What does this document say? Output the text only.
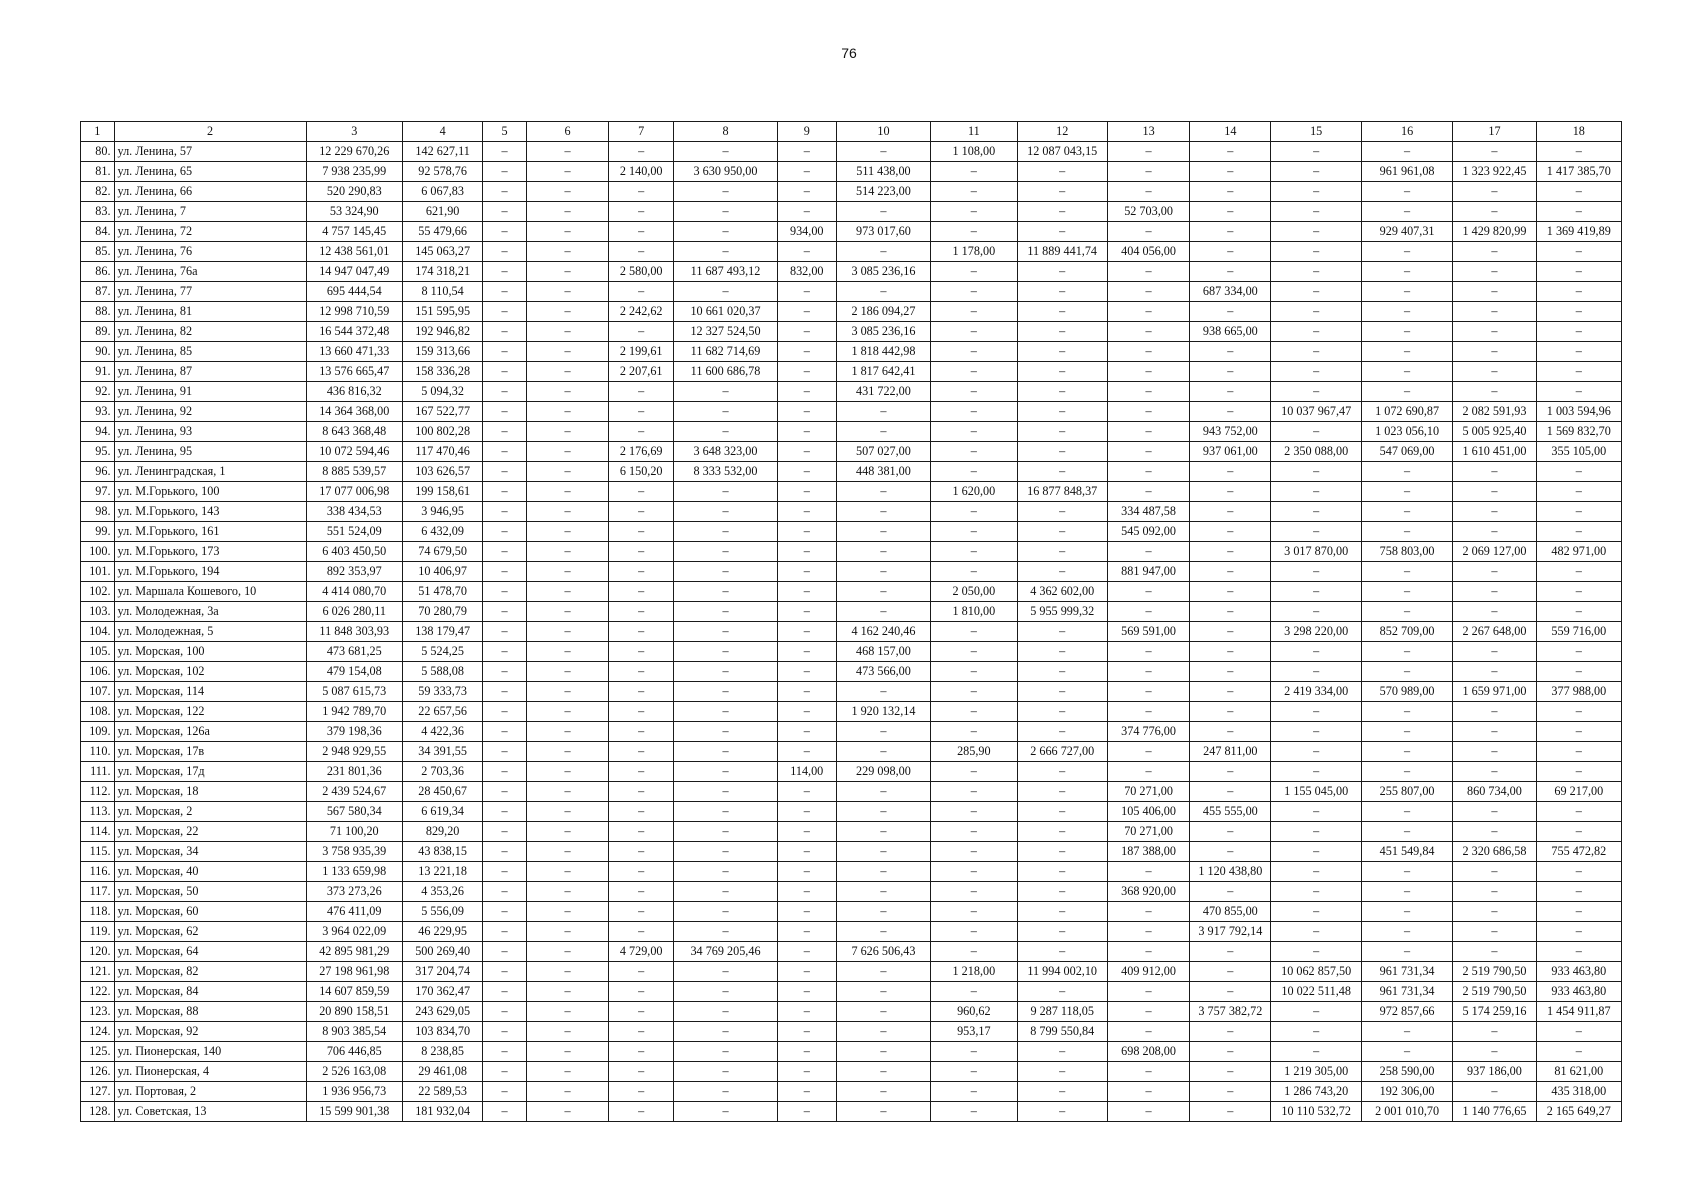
76
1	2	3	4	5	6	7	8	9	10	11	12	13	14	15	16	17	18
80.	ул. Ленина, 57	12 229 670,26	142 627,11	–	–	–	–	–	–	1 108,00	12 087 043,15	–	–	–	–	–	–
81.	ул. Ленина, 65	7 938 235,99	92 578,76	–	–	2 140,00	3 630 950,00	–	511 438,00	–	–	–	–	–	961 961,08	1 323 922,45	1 417 385,70
82.	ул. Ленина, 66	520 290,83	6 067,83	–	–	–	–	–	514 223,00	–	–	–	–	–	–	–	–
83.	ул. Ленина, 7	53 324,90	621,90	–	–	–	–	–	–	–	–	52 703,00	–	–	–	–	–
84.	ул. Ленина, 72	4 757 145,45	55 479,66	–	–	–	–	934,00	973 017,60	–	–	–	–	–	929 407,31	1 429 820,99	1 369 419,89
85.	ул. Ленина, 76	12 438 561,01	145 063,27	–	–	–	–	–	–	1 178,00	11 889 441,74	404 056,00	–	–	–	–	–
86.	ул. Ленина, 76а	14 947 047,49	174 318,21	–	–	2 580,00	11 687 493,12	832,00	3 085 236,16	–	–	–	–	–	–	–	–
87.	ул. Ленина, 77	695 444,54	8 110,54	–	–	–	–	–	–	–	–	–	687 334,00	–	–	–	–
88.	ул. Ленина, 81	12 998 710,59	151 595,95	–	–	2 242,62	10 661 020,37	–	2 186 094,27	–	–	–	–	–	–	–	–
89.	ул. Ленина, 82	16 544 372,48	192 946,82	–	–	–	12 327 524,50	–	3 085 236,16	–	–	–	938 665,00	–	–	–	–
90.	ул. Ленина, 85	13 660 471,33	159 313,66	–	–	2 199,61	11 682 714,69	–	1 818 442,98	–	–	–	–	–	–	–	–
91.	ул. Ленина, 87	13 576 665,47	158 336,28	–	–	2 207,61	11 600 686,78	–	1 817 642,41	–	–	–	–	–	–	–	–
92.	ул. Ленина, 91	436 816,32	5 094,32	–	–	–	–	–	431 722,00	–	–	–	–	–	–	–	–
93.	ул. Ленина, 92	14 364 368,00	167 522,77	–	–	–	–	–	–	–	–	–	–	10 037 967,47	1 072 690,87	2 082 591,93	1 003 594,96
94.	ул. Ленина, 93	8 643 368,48	100 802,28	–	–	–	–	–	–	–	–	–	943 752,00	–	1 023 056,10	5 005 925,40	1 569 832,70
95.	ул. Ленина, 95	10 072 594,46	117 470,46	–	–	2 176,69	3 648 323,00	–	507 027,00	–	–	–	937 061,00	2 350 088,00	547 069,00	1 610 451,00	355 105,00
96.	ул. Ленинградская, 1	8 885 539,57	103 626,57	–	–	6 150,20	8 333 532,00	–	448 381,00	–	–	–	–	–	–	–	–
97.	ул. М.Горького, 100	17 077 006,98	199 158,61	–	–	–	–	–	–	1 620,00	16 877 848,37	–	–	–	–	–	–
98.	ул. М.Горького, 143	338 434,53	3 946,95	–	–	–	–	–	–	–	–	334 487,58	–	–	–	–	–
99.	ул. М.Горького, 161	551 524,09	6 432,09	–	–	–	–	–	–	–	–	545 092,00	–	–	–	–	–
100.	ул. М.Горького, 173	6 403 450,50	74 679,50	–	–	–	–	–	–	–	–	–	–	3 017 870,00	758 803,00	2 069 127,00	482 971,00
101.	ул. М.Горького, 194	892 353,97	10 406,97	–	–	–	–	–	–	–	–	881 947,00	–	–	–	–	–
102.	ул. Маршала Кошевого, 10	4 414 080,70	51 478,70	–	–	–	–	–	–	2 050,00	4 362 602,00	–	–	–	–	–	–
103.	ул. Молодежная, 3а	6 026 280,11	70 280,79	–	–	–	–	–	–	1 810,00	5 955 999,32	–	–	–	–	–	–
104.	ул. Молодежная, 5	11 848 303,93	138 179,47	–	–	–	–	–	4 162 240,46	–	–	569 591,00	–	3 298 220,00	852 709,00	2 267 648,00	559 716,00
105.	ул. Морская, 100	473 681,25	5 524,25	–	–	–	–	–	468 157,00	–	–	–	–	–	–	–	–
106.	ул. Морская, 102	479 154,08	5 588,08	–	–	–	–	–	473 566,00	–	–	–	–	–	–	–	–
107.	ул. Морская, 114	5 087 615,73	59 333,73	–	–	–	–	–	–	–	–	–	–	2 419 334,00	570 989,00	1 659 971,00	377 988,00
108.	ул. Морская, 122	1 942 789,70	22 657,56	–	–	–	–	–	1 920 132,14	–	–	–	–	–	–	–	–
109.	ул. Морская, 126а	379 198,36	4 422,36	–	–	–	–	–	–	–	–	374 776,00	–	–	–	–	–
110.	ул. Морская, 17в	2 948 929,55	34 391,55	–	–	–	–	–	–	285,90	2 666 727,00	–	247 811,00	–	–	–	–
111.	ул. Морская, 17д	231 801,36	2 703,36	–	–	–	–	114,00	229 098,00	–	–	–	–	–	–	–	–
112.	ул. Морская, 18	2 439 524,67	28 450,67	–	–	–	–	–	–	–	–	70 271,00	–	1 155 045,00	255 807,00	860 734,00	69 217,00
113.	ул. Морская, 2	567 580,34	6 619,34	–	–	–	–	–	–	–	–	105 406,00	455 555,00	–	–	–	–
114.	ул. Морская, 22	71 100,20	829,20	–	–	–	–	–	–	–	–	70 271,00	–	–	–	–	–
115.	ул. Морская, 34	3 758 935,39	43 838,15	–	–	–	–	–	–	–	–	187 388,00	–	–	451 549,84	2 320 686,58	755 472,82
116.	ул. Морская, 40	1 133 659,98	13 221,18	–	–	–	–	–	–	–	–	–	1 120 438,80	–	–	–	–
117.	ул. Морская, 50	373 273,26	4 353,26	–	–	–	–	–	–	–	–	368 920,00	–	–	–	–	–
118.	ул. Морская, 60	476 411,09	5 556,09	–	–	–	–	–	–	–	–	–	470 855,00	–	–	–	–
119.	ул. Морская, 62	3 964 022,09	46 229,95	–	–	–	–	–	–	–	–	–	3 917 792,14	–	–	–	–
120.	ул. Морская, 64	42 895 981,29	500 269,40	–	–	4 729,00	34 769 205,46	–	7 626 506,43	–	–	–	–	–	–	–	–
121.	ул. Морская, 82	27 198 961,98	317 204,74	–	–	–	–	–	–	1 218,00	11 994 002,10	409 912,00	–	10 062 857,50	961 731,34	2 519 790,50	933 463,80
122.	ул. Морская, 84	14 607 859,59	170 362,47	–	–	–	–	–	–	–	–	–	–	10 022 511,48	961 731,34	2 519 790,50	933 463,80
123.	ул. Морская, 88	20 890 158,51	243 629,05	–	–	–	–	–	–	960,62	9 287 118,05	–	3 757 382,72	–	972 857,66	5 174 259,16	1 454 911,87
124.	ул. Морская, 92	8 903 385,54	103 834,70	–	–	–	–	–	–	953,17	8 799 550,84	–	–	–	–	–	–
125.	ул. Пионерская, 140	706 446,85	8 238,85	–	–	–	–	–	–	–	–	698 208,00	–	–	–	–	–
126.	ул. Пионерская, 4	2 526 163,08	29 461,08	–	–	–	–	–	–	–	–	–	–	1 219 305,00	258 590,00	937 186,00	81 621,00
127.	ул. Портовая, 2	1 936 956,73	22 589,53	–	–	–	–	–	–	–	–	–	–	1 286 743,20	192 306,00	–	435 318,00
128.	ул. Советская, 13	15 599 901,38	181 932,04	–	–	–	–	–	–	–	–	–	–	10 110 532,72	2 001 010,70	1 140 776,65	2 165 649,27
